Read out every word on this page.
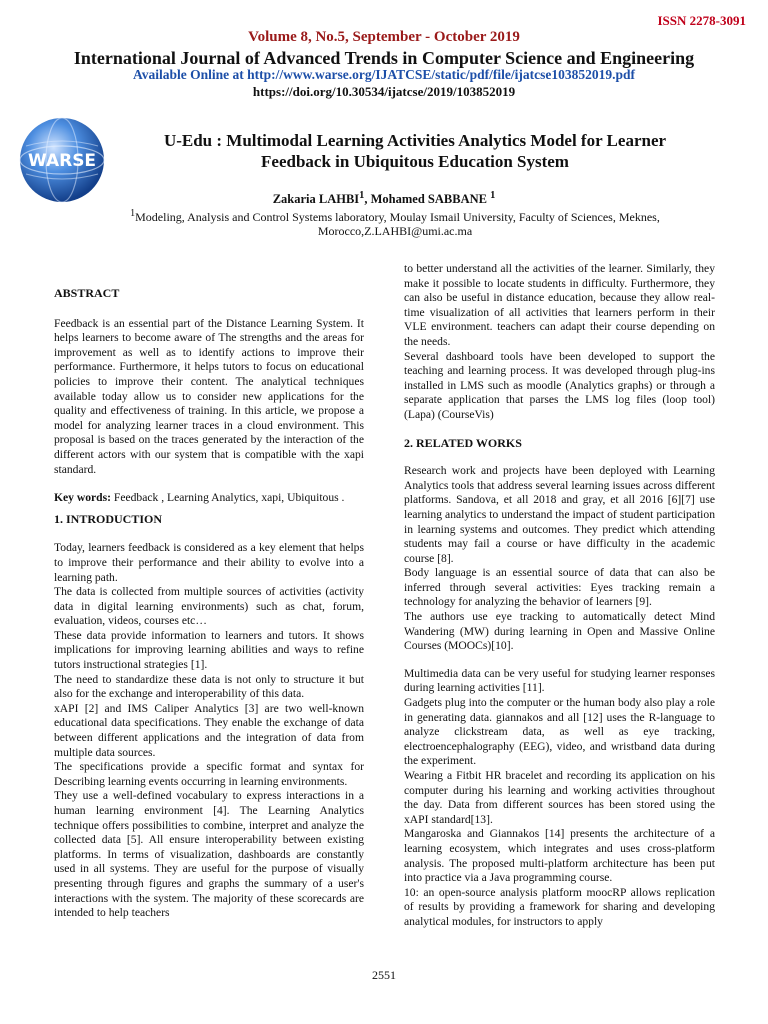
ISSN 2278-3091
Volume 8, No.5, September - October 2019
International Journal of Advanced Trends in Computer Science and Engineering
Available Online at http://www.warse.org/IJATCSE/static/pdf/file/ijatcse103852019.pdf
https://doi.org/10.30534/ijatcse/2019/103852019
WARSE
U-Edu : Multimodal Learning Activities Analytics Model for Learner
Feedback in Ubiquitous Education System
Zakaria LAHBI$^1$, Mohamed SABBANE $^1$
$^1$Modeling, Analysis and Control Systems laboratory, Moulay Ismail University, Faculty of Sciences, Meknes, Morocco,Z.LAHBI@umi.ac.ma

ABSTRACT

Feedback is an essential part of the Distance Learning System. It helps learners to become aware of The strengths and the areas for improvement as well as to identify actions to improve their performance. Furthermore, it helps tutors to focus on educational policies to improve their content. The analytical techniques available today allow us to consider new applications for the quality and effectiveness of training. In this article, we propose a model for analyzing learner traces in a cloud environment. This proposal is based on the traces generated by the interaction of the different actors with our system that is compatible with the xapi standard.

Key words: Feedback , Learning Analytics, xapi, Ubiquitous .

1. INTRODUCTION

Today, learners feedback is considered as a key element that helps to improve their performance and their ability to evolve into a learning path.

The data is collected from multiple sources of activities (activity data in digital learning environments) such as chat, forum, evaluation, videos, courses etc…

These data provide information to learners and tutors. It shows implications for improving learning abilities and ways to refine tutors instructional strategies [1].

The need to standardize these data is not only to structure it but also for the exchange and interoperability of this data.

xAPI [2] and IMS Caliper Analytics [3] are two well-known educational data specifications. They enable the exchange of data between different applications and the integration of data from multiple data sources.

The specifications provide a specific format and syntax for Describing learning events occurring in learning environments.

They use a well-defined vocabulary to express interactions in a human learning environment [4]. The Learning Analytics technique offers possibilities to combine, interpret and analyze the collected data [5]. All ensure interoperability between existing platforms. In terms of visualization, dashboards are constantly used in all systems. They are useful for the purpose of visually presenting through figures and graphs the summary of a user's interactions with the system. The majority of these scorecards are intended to help teachers

to better understand all the activities of the learner. Similarly, they make it possible to locate students in difficulty. Furthermore, they can also be useful in distance education, because they allow real-time visualization of all activities that learners perform in their VLE environment. teachers can adapt their course depending on the needs.

Several dashboard tools have been developed to support the teaching and learning process. It was developed through plug-ins installed in LMS such as moodle (Analytics graphs) or through a separate application that parses the LMS log files (loop tool) (Lapa) (CourseVis)

2. RELATED WORKS

Research work and projects have been deployed with Learning Analytics tools that address several learning issues across different platforms. Sandova, et all 2018 and gray, et all 2016 [6][7] use learning analytics to understand the impact of student participation in learning systems and outcomes. They predict which attending students may fail a course or have difficulty in the academic course [8].

Body language is an essential source of data that can also be inferred through several activities: Eyes tracking remain a technology for analyzing the behavior of learners [9].

The authors use eye tracking to automatically detect Mind Wandering (MW) during learning in Open and Massive Online Courses (MOOCs)[10].

Multimedia data can be very useful for studying learner responses during learning activities [11].

Gadgets plug into the computer or the human body also play a role in generating data. giannakos and all [12] uses the R-language to analyze clickstream data, as well as eye tracking, electroencephalography (EEG), video, and wristband data during the experiment.

Wearing a Fitbit HR bracelet and recording its application on his computer during his learning and working activities throughout the day. Data from different sources has been stored using the xAPI standard[13].

Mangaroska and Giannakos [14] presents the architecture of a learning ecosystem, which integrates and uses cross-platform analysis. The proposed multi-platform architecture has been put into practice via a Java programming course.

10: an open-source analysis platform moocRP allows replication of results by providing a framework for sharing and developing analytical modules, for instructors to apply

2551
